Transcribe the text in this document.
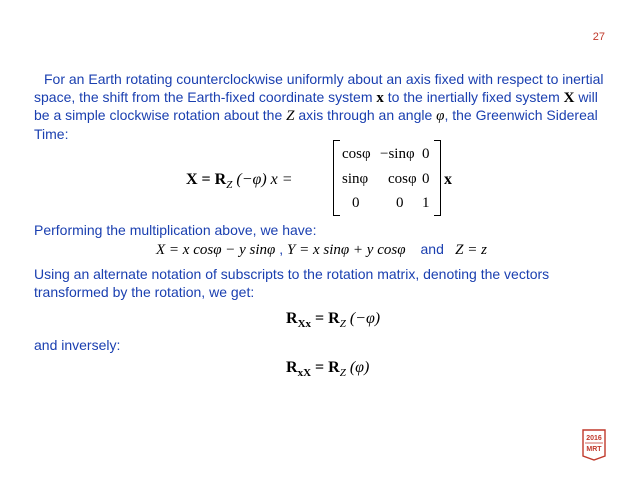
27
For an Earth rotating counterclockwise uniformly about an axis fixed with respect to inertial space, the shift from the Earth-fixed coordinate system x to the inertially fixed system X will be a simple clockwise rotation about the Z axis through an angle φ, the Greenwich Sidereal Time:
$X = R_Z$ (−φ) x =
cosφ −sinφ 0
sinφ cosφ 0
0 0 1
x
Performing the multiplication above, we have:
X = x cosφ − y sinφ , Y = x sinφ + y cosφ and Z = z
Using an alternate notation of subscripts to the rotation matrix, denoting the vectors transformed by the rotation, we get:
$R_{Xx} = R_Z$ (−φ)
and inversely:
$R_{xX} = R_Z$ (φ)
2016
MRT
